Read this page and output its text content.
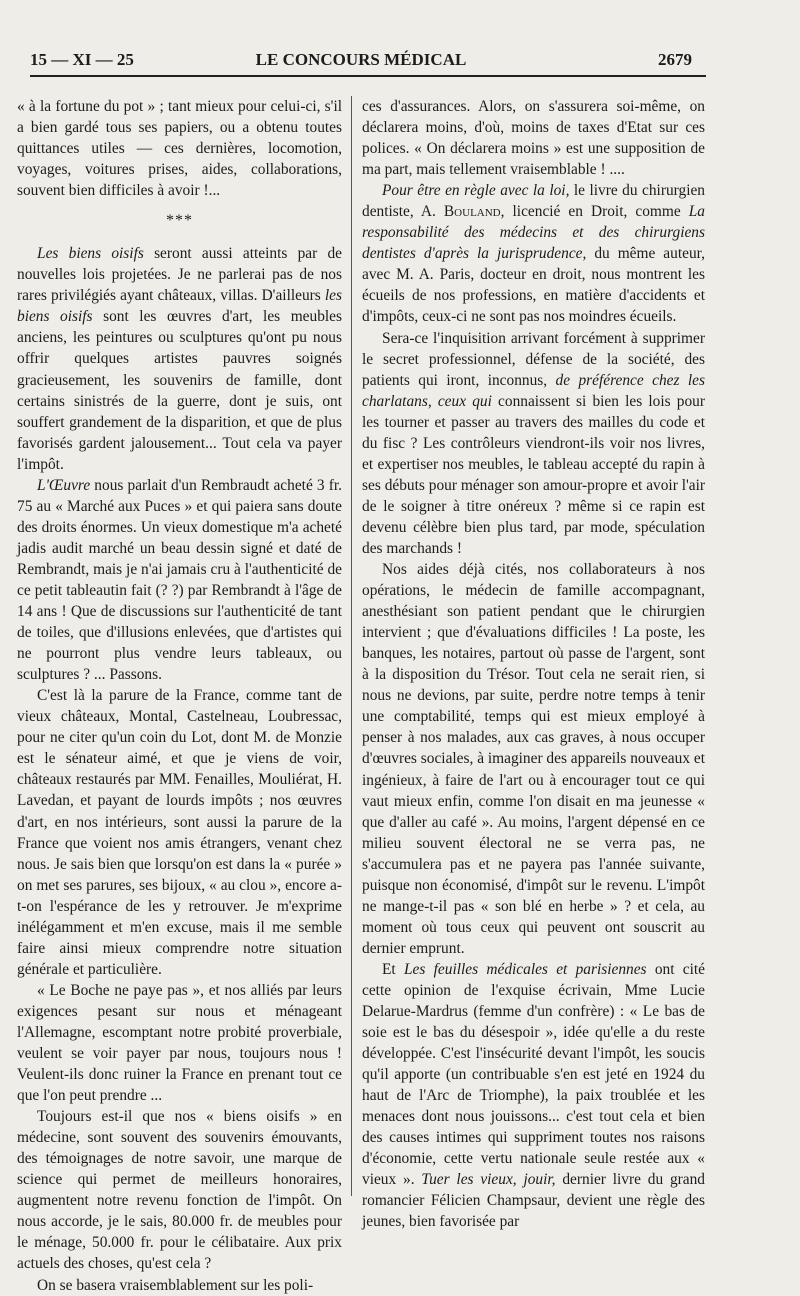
15 — XI — 25	LE CONCOURS MÉDICAL	2679

« à la fortune du pot » ; tant mieux pour celui-ci, s'il a bien gardé tous ses papiers, ou a obtenu toutes quittances utiles — ces dernières, locomotion, voyages, voitures prises, aides, collaborations, souvent bien difficiles à avoir !...

***

Les biens oisifs seront aussi atteints par de nouvelles lois projetées. Je ne parlerai pas de nos rares privilégiés ayant châteaux, villas. D'ailleurs les biens oisifs sont les œuvres d'art, les meubles anciens, les peintures ou sculptures qu'ont pu nous offrir quelques artistes pauvres soignés gracieusement, les souvenirs de famille, dont certains sinistrés de la guerre, dont je suis, ont souffert grandement de la disparition, et que de plus favorisés gardent jalousement... Tout cela va payer l'impôt.

L'Œuvre nous parlait d'un Rembraudt acheté 3 fr. 75 au « Marché aux Puces » et qui paiera sans doute des droits énormes. Un vieux domestique m'a acheté jadis audit marché un beau dessin signé et daté de Rembrandt, mais je n'ai jamais cru à l'authenticité de ce petit tableautin fait (? ?) par Rembrandt à l'âge de 14 ans ! Que de discussions sur l'authenticité de tant de toiles, que d'illusions enlevées, que d'artistes qui ne pourront plus vendre leurs tableaux, ou sculptures ? ... Passons.

C'est là la parure de la France, comme tant de vieux châteaux, Montal, Castelneau, Loubressac, pour ne citer qu'un coin du Lot, dont M. de Monzie est le sénateur aimé, et que je viens de voir, châteaux restaurés par MM. Fenailles, Mouliérat, H. Lavedan, et payant de lourds impôts ; nos œuvres d'art, en nos intérieurs, sont aussi la parure de la France que voient nos amis étrangers, venant chez nous. Je sais bien que lorsqu'on est dans la « purée » on met ses parures, ses bijoux, « au clou », encore a-t-on l'espérance de les y retrouver. Je m'exprime inélégamment et m'en excuse, mais il me semble faire ainsi mieux comprendre notre situation générale et particulière.

« Le Boche ne paye pas », et nos alliés par leurs exigences pesant sur nous et ménageant l'Allemagne, escomptant notre probité proverbiale, veulent se voir payer par nous, toujours nous ! Veulent-ils donc ruiner la France en prenant tout ce que l'on peut prendre ...

Toujours est-il que nos « biens oisifs » en médecine, sont souvent des souvenirs émouvants, des témoignages de notre savoir, une marque de science qui permet de meilleurs honoraires, augmentent notre revenu fonction de l'impôt. On nous accorde, je le sais, 80.000 fr. de meubles pour le ménage, 50.000 fr. pour le célibataire. Aux prix actuels des choses, qu'est cela ?

On se basera vraisemblablement sur les poli-

ces d'assurances. Alors, on s'assurera soi-même, on déclarera moins, d'où, moins de taxes d'Etat sur ces polices. « On déclarera moins » est une supposition de ma part, mais tellement vraisemblable ! ....

Pour être en règle avec la loi, le livre du chirurgien dentiste, A. Bouland, licencié en Droit, comme La responsabilité des médecins et des chirurgiens dentistes d'après la jurisprudence, du même auteur, avec M. A. Paris, docteur en droit, nous montrent les écueils de nos professions, en matière d'accidents et d'impôts, ceux-ci ne sont pas nos moindres écueils.

Sera-ce l'inquisition arrivant forcément à supprimer le secret professionnel, défense de la société, des patients qui iront, inconnus, de préférence chez les charlatans, ceux qui connaissent si bien les lois pour les tourner et passer au travers des mailles du code et du fisc ? Les contrôleurs viendront-ils voir nos livres, et expertiser nos meubles, le tableau accepté du rapin à ses débuts pour ménager son amour-propre et avoir l'air de le soigner à titre onéreux ? même si ce rapin est devenu célèbre bien plus tard, par mode, spéculation des marchands !

Nos aides déjà cités, nos collaborateurs à nos opérations, le médecin de famille accompagnant, anesthésiant son patient pendant que le chirurgien intervient ; que d'évaluations difficiles ! La poste, les banques, les notaires, partout où passe de l'argent, sont à la disposition du Trésor. Tout cela ne serait rien, si nous ne devions, par suite, perdre notre temps à tenir une comptabilité, temps qui est mieux employé à penser à nos malades, aux cas graves, à nous occuper d'œuvres sociales, à imaginer des appareils nouveaux et ingénieux, à faire de l'art ou à encourager tout ce qui vaut mieux enfin, comme l'on disait en ma jeunesse « que d'aller au café ». Au moins, l'argent dépensé en ce milieu souvent électoral ne se verra pas, ne s'accumulera pas et ne payera pas l'année suivante, puisque non économisé, d'impôt sur le revenu. L'impôt ne mange-t-il pas « son blé en herbe » ? et cela, au moment où tous ceux qui peuvent ont souscrit au dernier emprunt.

Et Les feuilles médicales et parisiennes ont cité cette opinion de l'exquise écrivain, Mme Lucie Delarue-Mardrus (femme d'un confrère) : « Le bas de soie est le bas du désespoir », idée qu'elle a du reste développée. C'est l'insécurité devant l'impôt, les soucis qu'il apporte (un contribuable s'en est jeté en 1924 du haut de l'Arc de Triomphe), la paix troublée et les menaces dont nous jouissons... c'est tout cela et bien des causes intimes qui suppriment toutes nos raisons d'économie, cette vertu nationale seule restée aux « vieux ». Tuer les vieux, jouir, dernier livre du grand romancier Félicien Champsaur, devient une règle des jeunes, bien favorisée par
